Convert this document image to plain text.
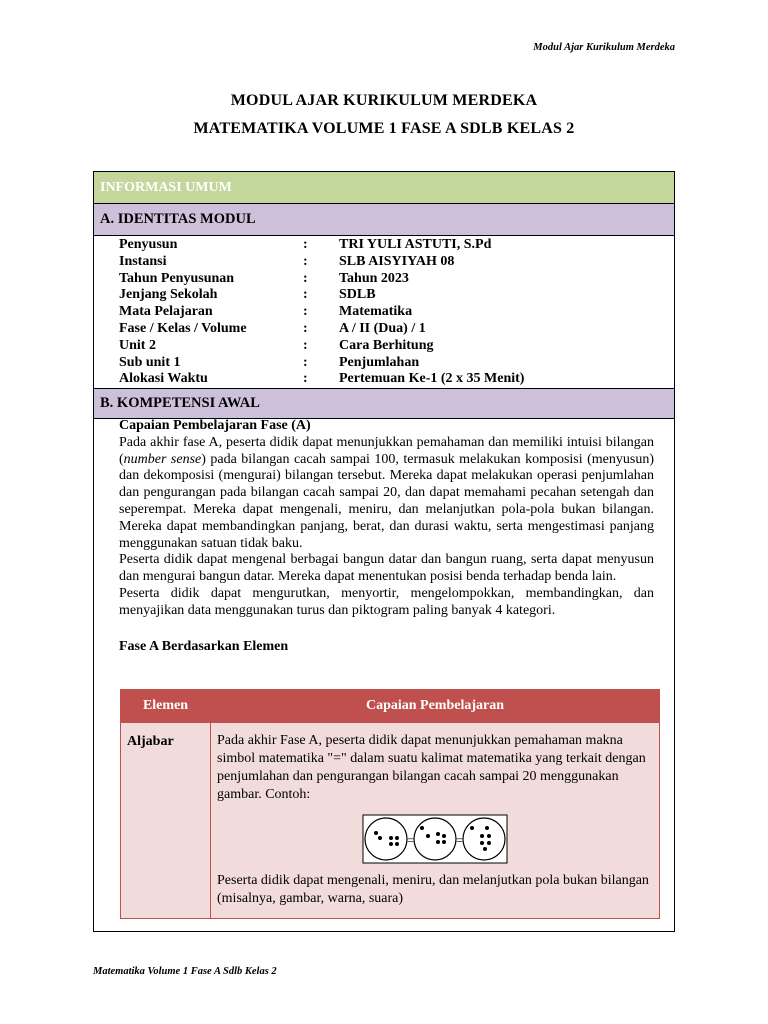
Modul Ajar Kurikulum Merdeka
MODUL AJAR KURIKULUM MERDEKA
MATEMATIKA VOLUME 1 FASE A SDLB KELAS 2
INFORMASI UMUM
A. IDENTITAS MODUL
Penyusun	:	TRI YULI ASTUTI, S.Pd
Instansi	:	SLB AISYIYAH 08
Tahun Penyusunan	:	Tahun 2023
Jenjang Sekolah	:	SDLB
Mata Pelajaran	:	Matematika
Fase / Kelas / Volume	:	A / II (Dua) / 1
Unit 2	:	Cara Berhitung
Sub unit 1	:	Penjumlahan
Alokasi Waktu	:	Pertemuan Ke-1 (2 x 35 Menit)
B. KOMPETENSI AWAL
Capaian Pembelajaran Fase (A)
Pada akhir fase A, peserta didik dapat menunjukkan pemahaman dan memiliki intuisi bilangan (number sense) pada bilangan cacah sampai 100, termasuk melakukan komposisi (menyusun) dan dekomposisi (mengurai) bilangan tersebut. Mereka dapat melakukan operasi penjumlahan dan pengurangan pada bilangan cacah sampai 20, dan dapat memahami pecahan setengah dan seperempat. Mereka dapat mengenali, meniru, dan melanjutkan pola-pola bukan bilangan. Mereka dapat membandingkan panjang, berat, dan durasi waktu, serta mengestimasi panjang menggunakan satuan tidak baku.
Peserta didik dapat mengenal berbagai bangun datar dan bangun ruang, serta dapat menyusun dan mengurai bangun datar. Mereka dapat menentukan posisi benda terhadap benda lain.
Peserta didik dapat mengurutkan, menyortir, mengelompokkan, membandingkan, dan menyajikan data menggunakan turus dan piktogram paling banyak 4 kategori.
Fase A Berdasarkan Elemen
Elemen	Capaian Pembelajaran
Aljabar	Pada akhir Fase A, peserta didik dapat menunjukkan pemahaman makna simbol matematika "=" dalam suatu kalimat matematika yang terkait dengan penjumlahan dan pengurangan bilangan cacah sampai 20 menggunakan gambar. Contoh:
= =
Peserta didik dapat mengenali, meniru, dan melanjutkan pola bukan bilangan (misalnya, gambar, warna, suara)
Matematika Volume 1 Fase A Sdlb Kelas 2
